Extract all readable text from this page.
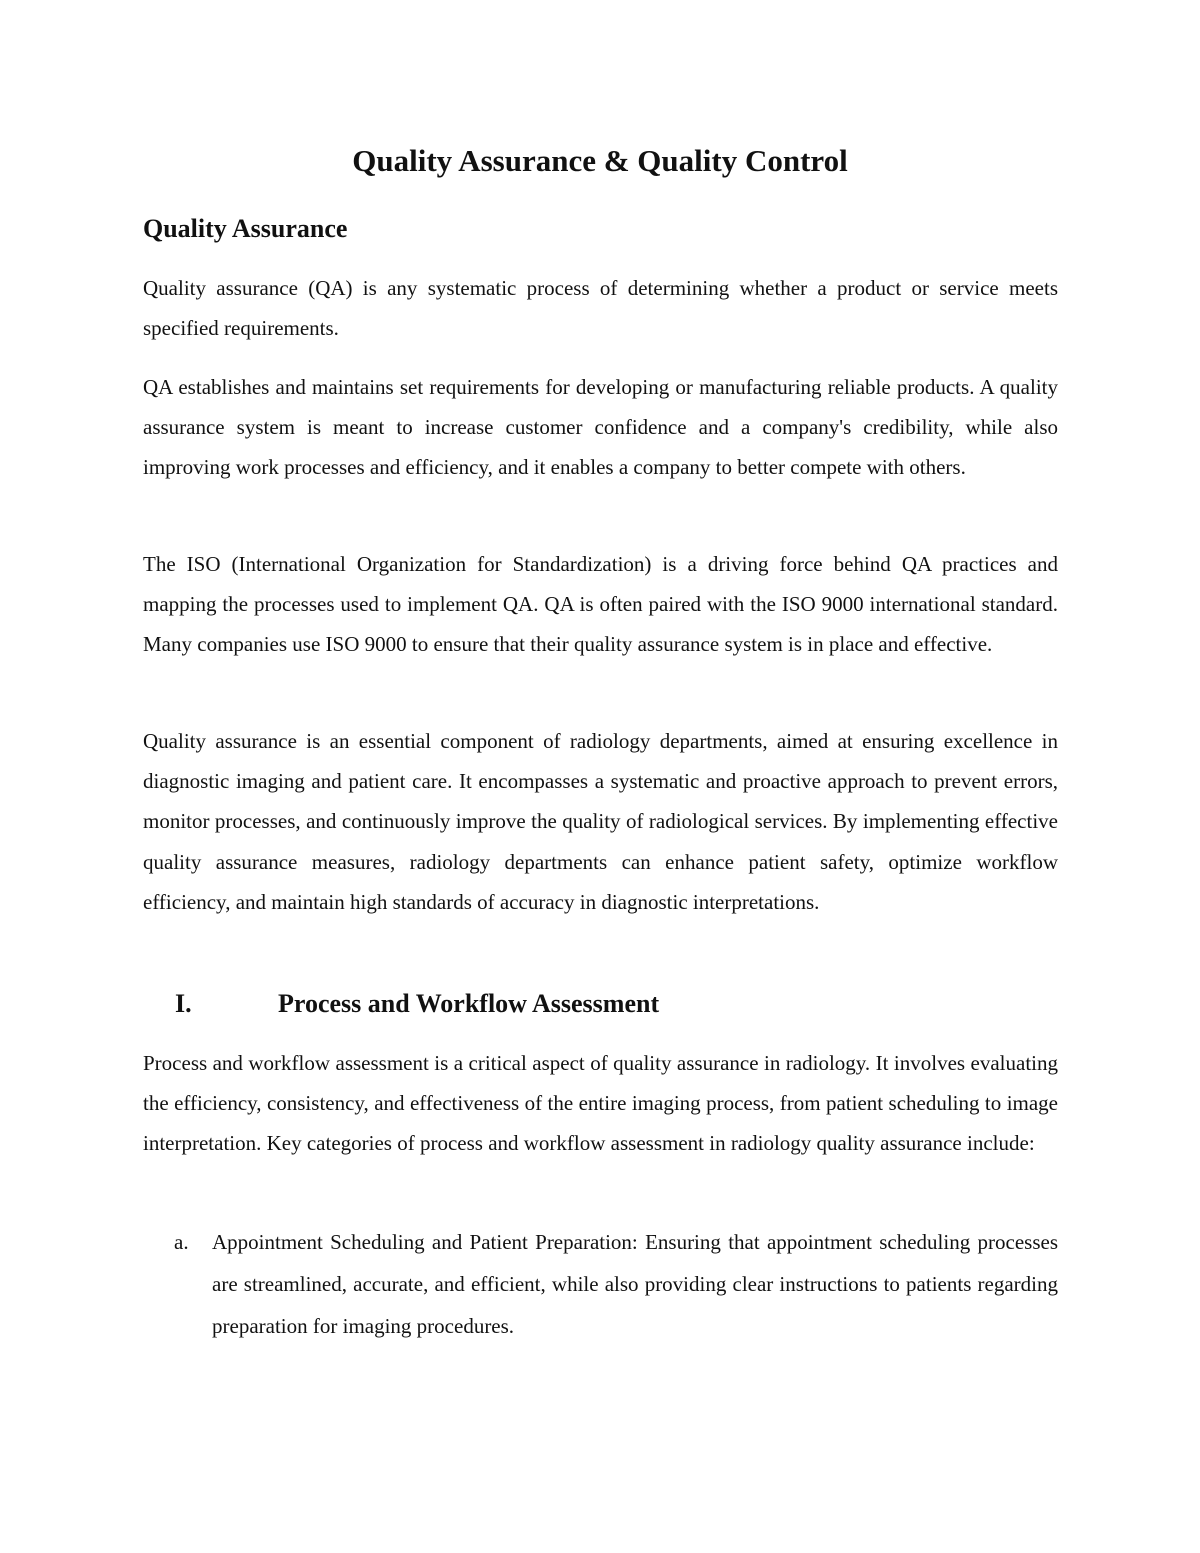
Quality Assurance & Quality Control
Quality Assurance

Quality assurance (QA) is any systematic process of determining whether a product or service meets specified requirements.

QA establishes and maintains set requirements for developing or manufacturing reliable products. A quality assurance system is meant to increase customer confidence and a company's credibility, while also improving work processes and efficiency, and it enables a company to better compete with others.

The ISO (International Organization for Standardization) is a driving force behind QA practices and mapping the processes used to implement QA. QA is often paired with the ISO 9000 international standard. Many companies use ISO 9000 to ensure that their quality assurance system is in place and effective.

Quality assurance is an essential component of radiology departments, aimed at ensuring excellence in diagnostic imaging and patient care. It encompasses a systematic and proactive approach to prevent errors, monitor processes, and continuously improve the quality of radiological services. By implementing effective quality assurance measures, radiology departments can enhance patient safety, optimize workflow efficiency, and maintain high standards of accuracy in diagnostic interpretations.

I.	Process and Workflow Assessment

Process and workflow assessment is a critical aspect of quality assurance in radiology. It involves evaluating the efficiency, consistency, and effectiveness of the entire imaging process, from patient scheduling to image interpretation. Key categories of process and workflow assessment in radiology quality assurance include:

a. Appointment Scheduling and Patient Preparation: Ensuring that appointment scheduling processes are streamlined, accurate, and efficient, while also providing clear instructions to patients regarding preparation for imaging procedures.
